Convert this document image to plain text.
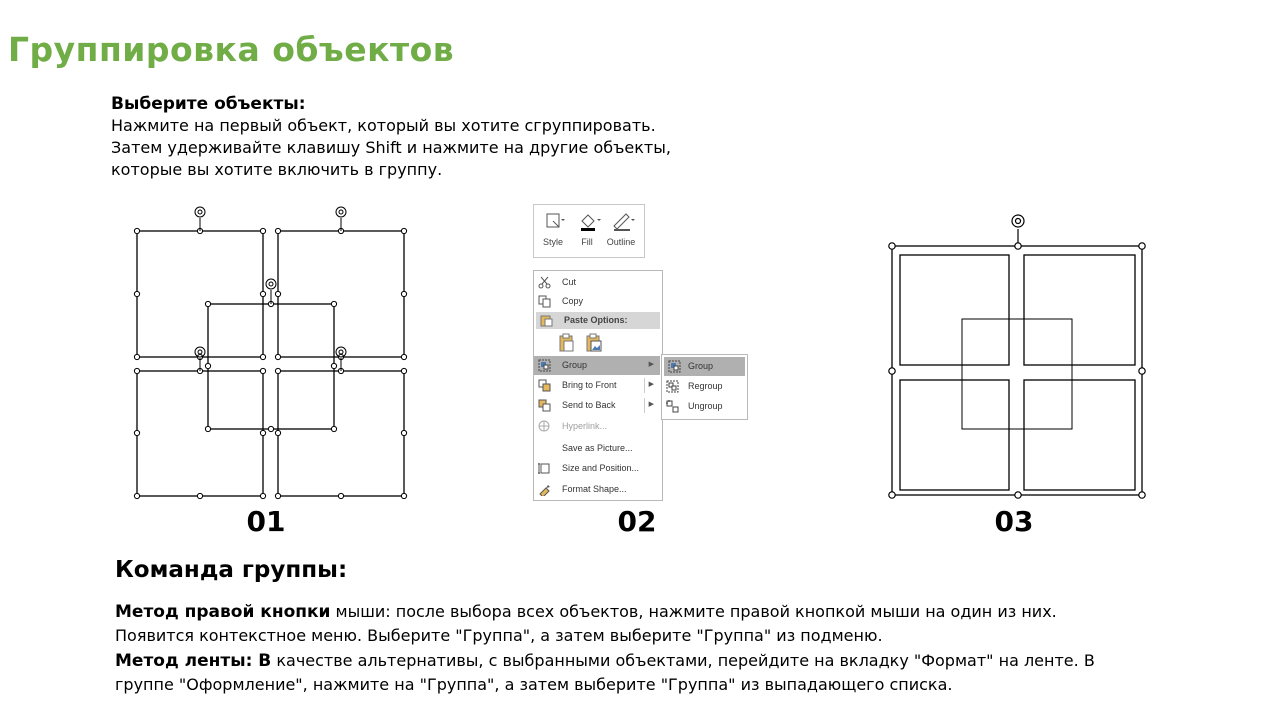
Группировка объектов
Выберите объекты:
Нажмите на первый объект, который вы хотите сгруппировать.
Затем удерживайте клавишу Shift и нажмите на другие объекты,
которые вы хотите включить в группу.
01	02	03
Style	Fill	Outline
Cut
Copy
Paste Options:
Group	▶
Bring to Front	▶
Send to Back	▶
Hyperlink...
Save as Picture...
Size and Position...
Format Shape...
Group
Regroup
Ungroup
Команда группы:
Метод правой кнопки мыши: после выбора всех объектов, нажмите правой кнопкой мыши на один из них. Появится контекстное меню. Выберите "Группа", а затем выберите "Группа" из подменю.
Метод ленты: В качестве альтернативы, с выбранными объектами, перейдите на вкладку "Формат" на ленте. В группе "Оформление", нажмите на "Группа", а затем выберите "Группа" из выпадающего списка.
